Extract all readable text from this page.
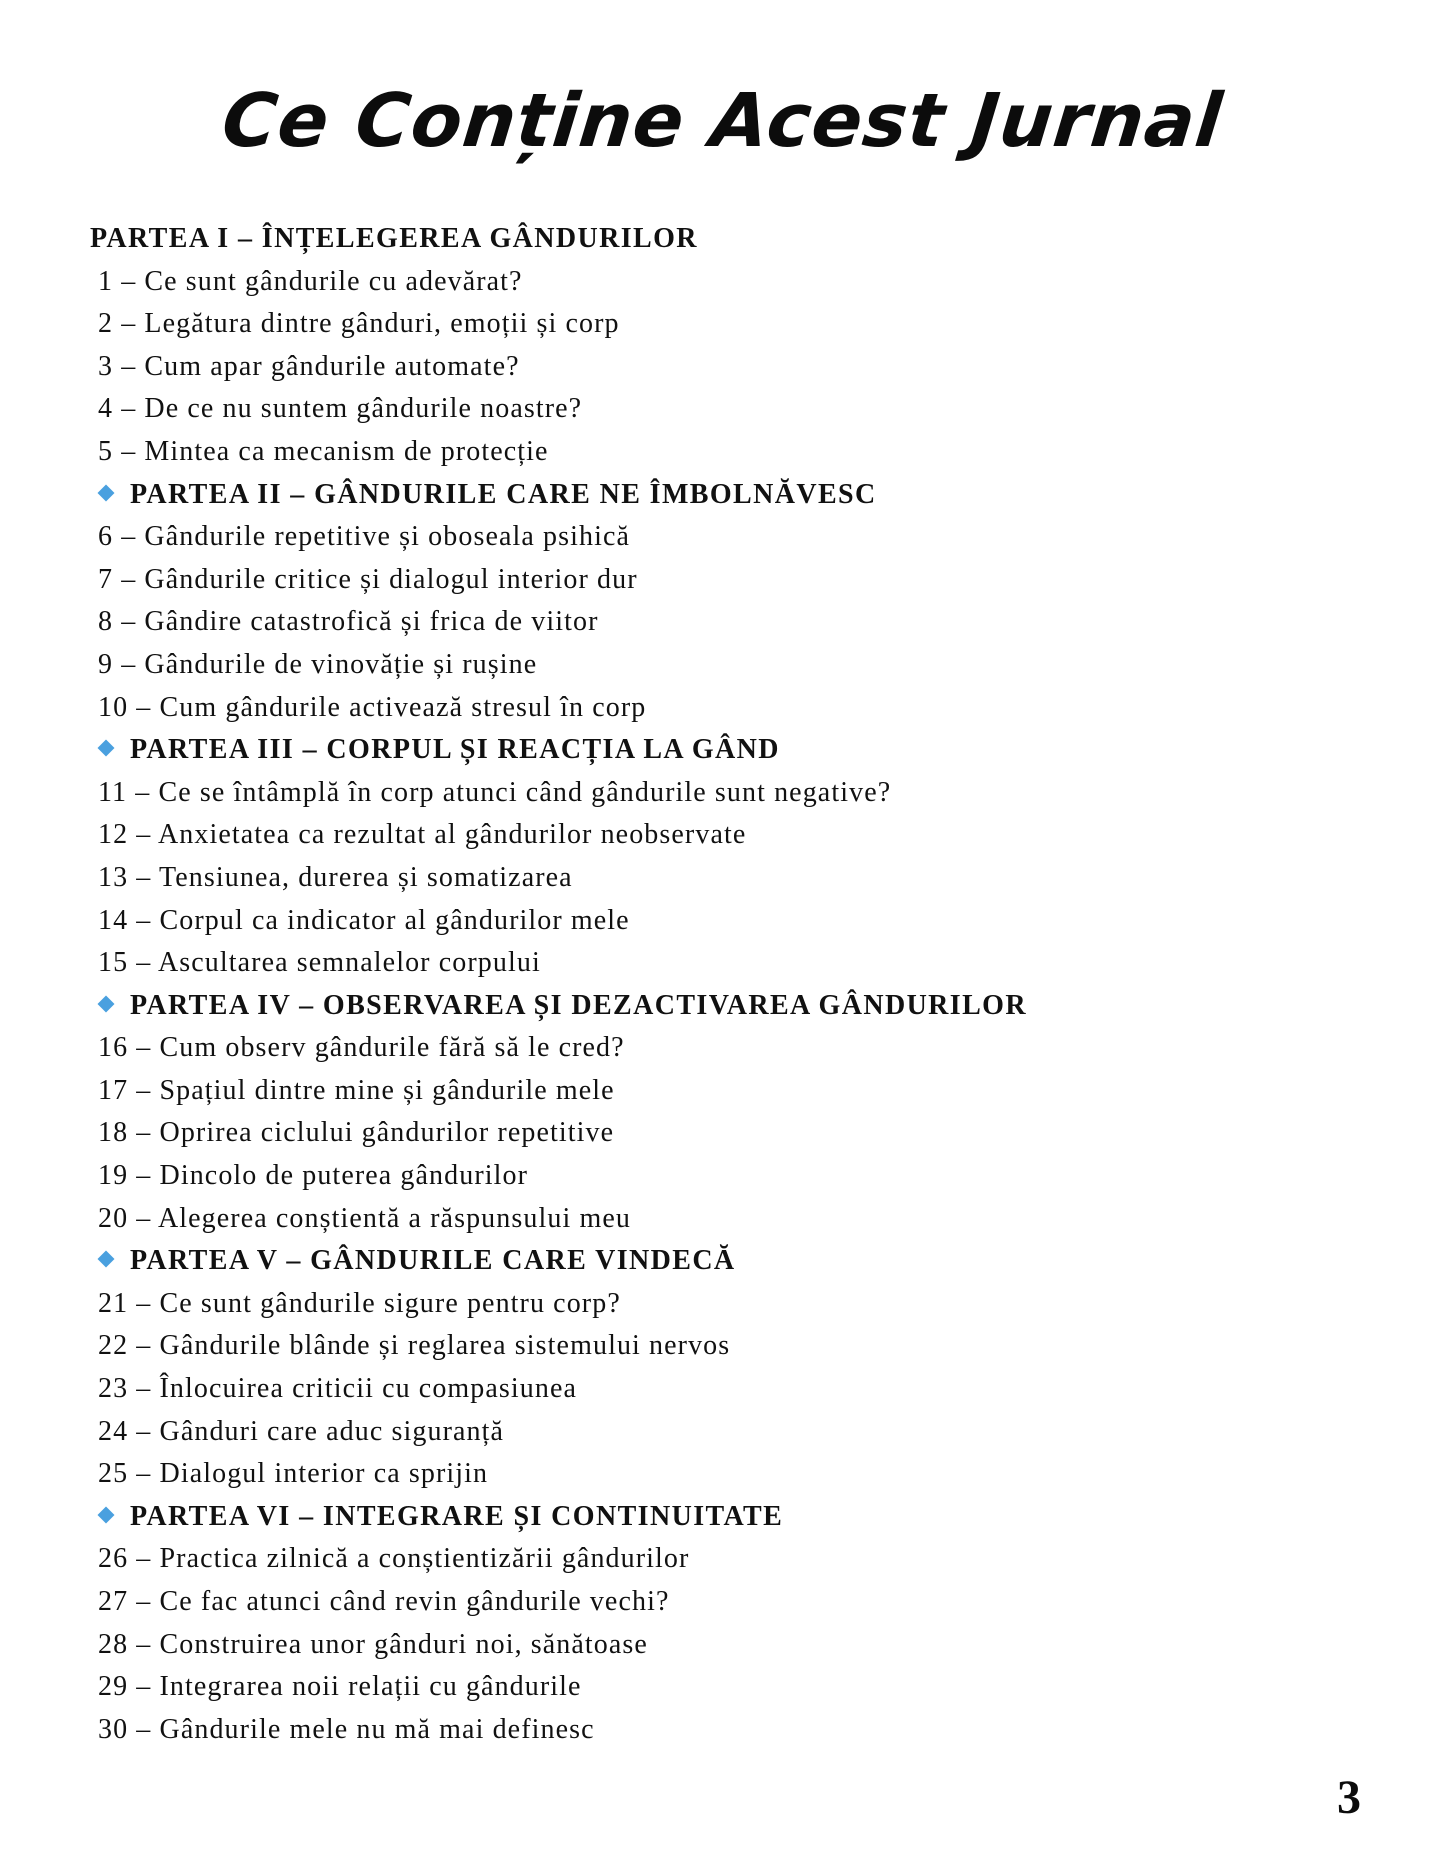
Ce Conține Acest Jurnal
PARTEA I – ÎNȚELEGEREA GÂNDURILOR
1 – Ce sunt gândurile cu adevărat?
2 – Legătura dintre gânduri, emoții și corp
3 – Cum apar gândurile automate?
4 – De ce nu suntem gândurile noastre?
5 – Mintea ca mecanism de protecție
PARTEA II – GÂNDURILE CARE NE ÎMBOLNĂVESC
6 – Gândurile repetitive și oboseala psihică
7 – Gândurile critice și dialogul interior dur
8 – Gândire catastrofică și frica de viitor
9 – Gândurile de vinovăție și rușine
10 – Cum gândurile activează stresul în corp
PARTEA III – CORPUL ȘI REACȚIA LA GÂND
11 – Ce se întâmplă în corp atunci când gândurile sunt negative?
12 – Anxietatea ca rezultat al gândurilor neobservate
13 – Tensiunea, durerea și somatizarea
14 – Corpul ca indicator al gândurilor mele
15 – Ascultarea semnalelor corpului
PARTEA IV – OBSERVAREA ȘI DEZACTIVAREA GÂNDURILOR
16 – Cum observ gândurile fără să le cred?
17 – Spațiul dintre mine și gândurile mele
18 – Oprirea ciclului gândurilor repetitive
19 – Dincolo de puterea gândurilor
20 – Alegerea conștientă a răspunsului meu
PARTEA V – GÂNDURILE CARE VINDECĂ
21 – Ce sunt gândurile sigure pentru corp?
22 – Gândurile blânde și reglarea sistemului nervos
23 – Înlocuirea criticii cu compasiunea
24 – Gânduri care aduc siguranță
25 – Dialogul interior ca sprijin
PARTEA VI – INTEGRARE ȘI CONTINUITATE
26 – Practica zilnică a conștientizării gândurilor
27 – Ce fac atunci când revin gândurile vechi?
28 – Construirea unor gânduri noi, sănătoase
29 – Integrarea noii relații cu gândurile
30 – Gândurile mele nu mă mai definesc
3
